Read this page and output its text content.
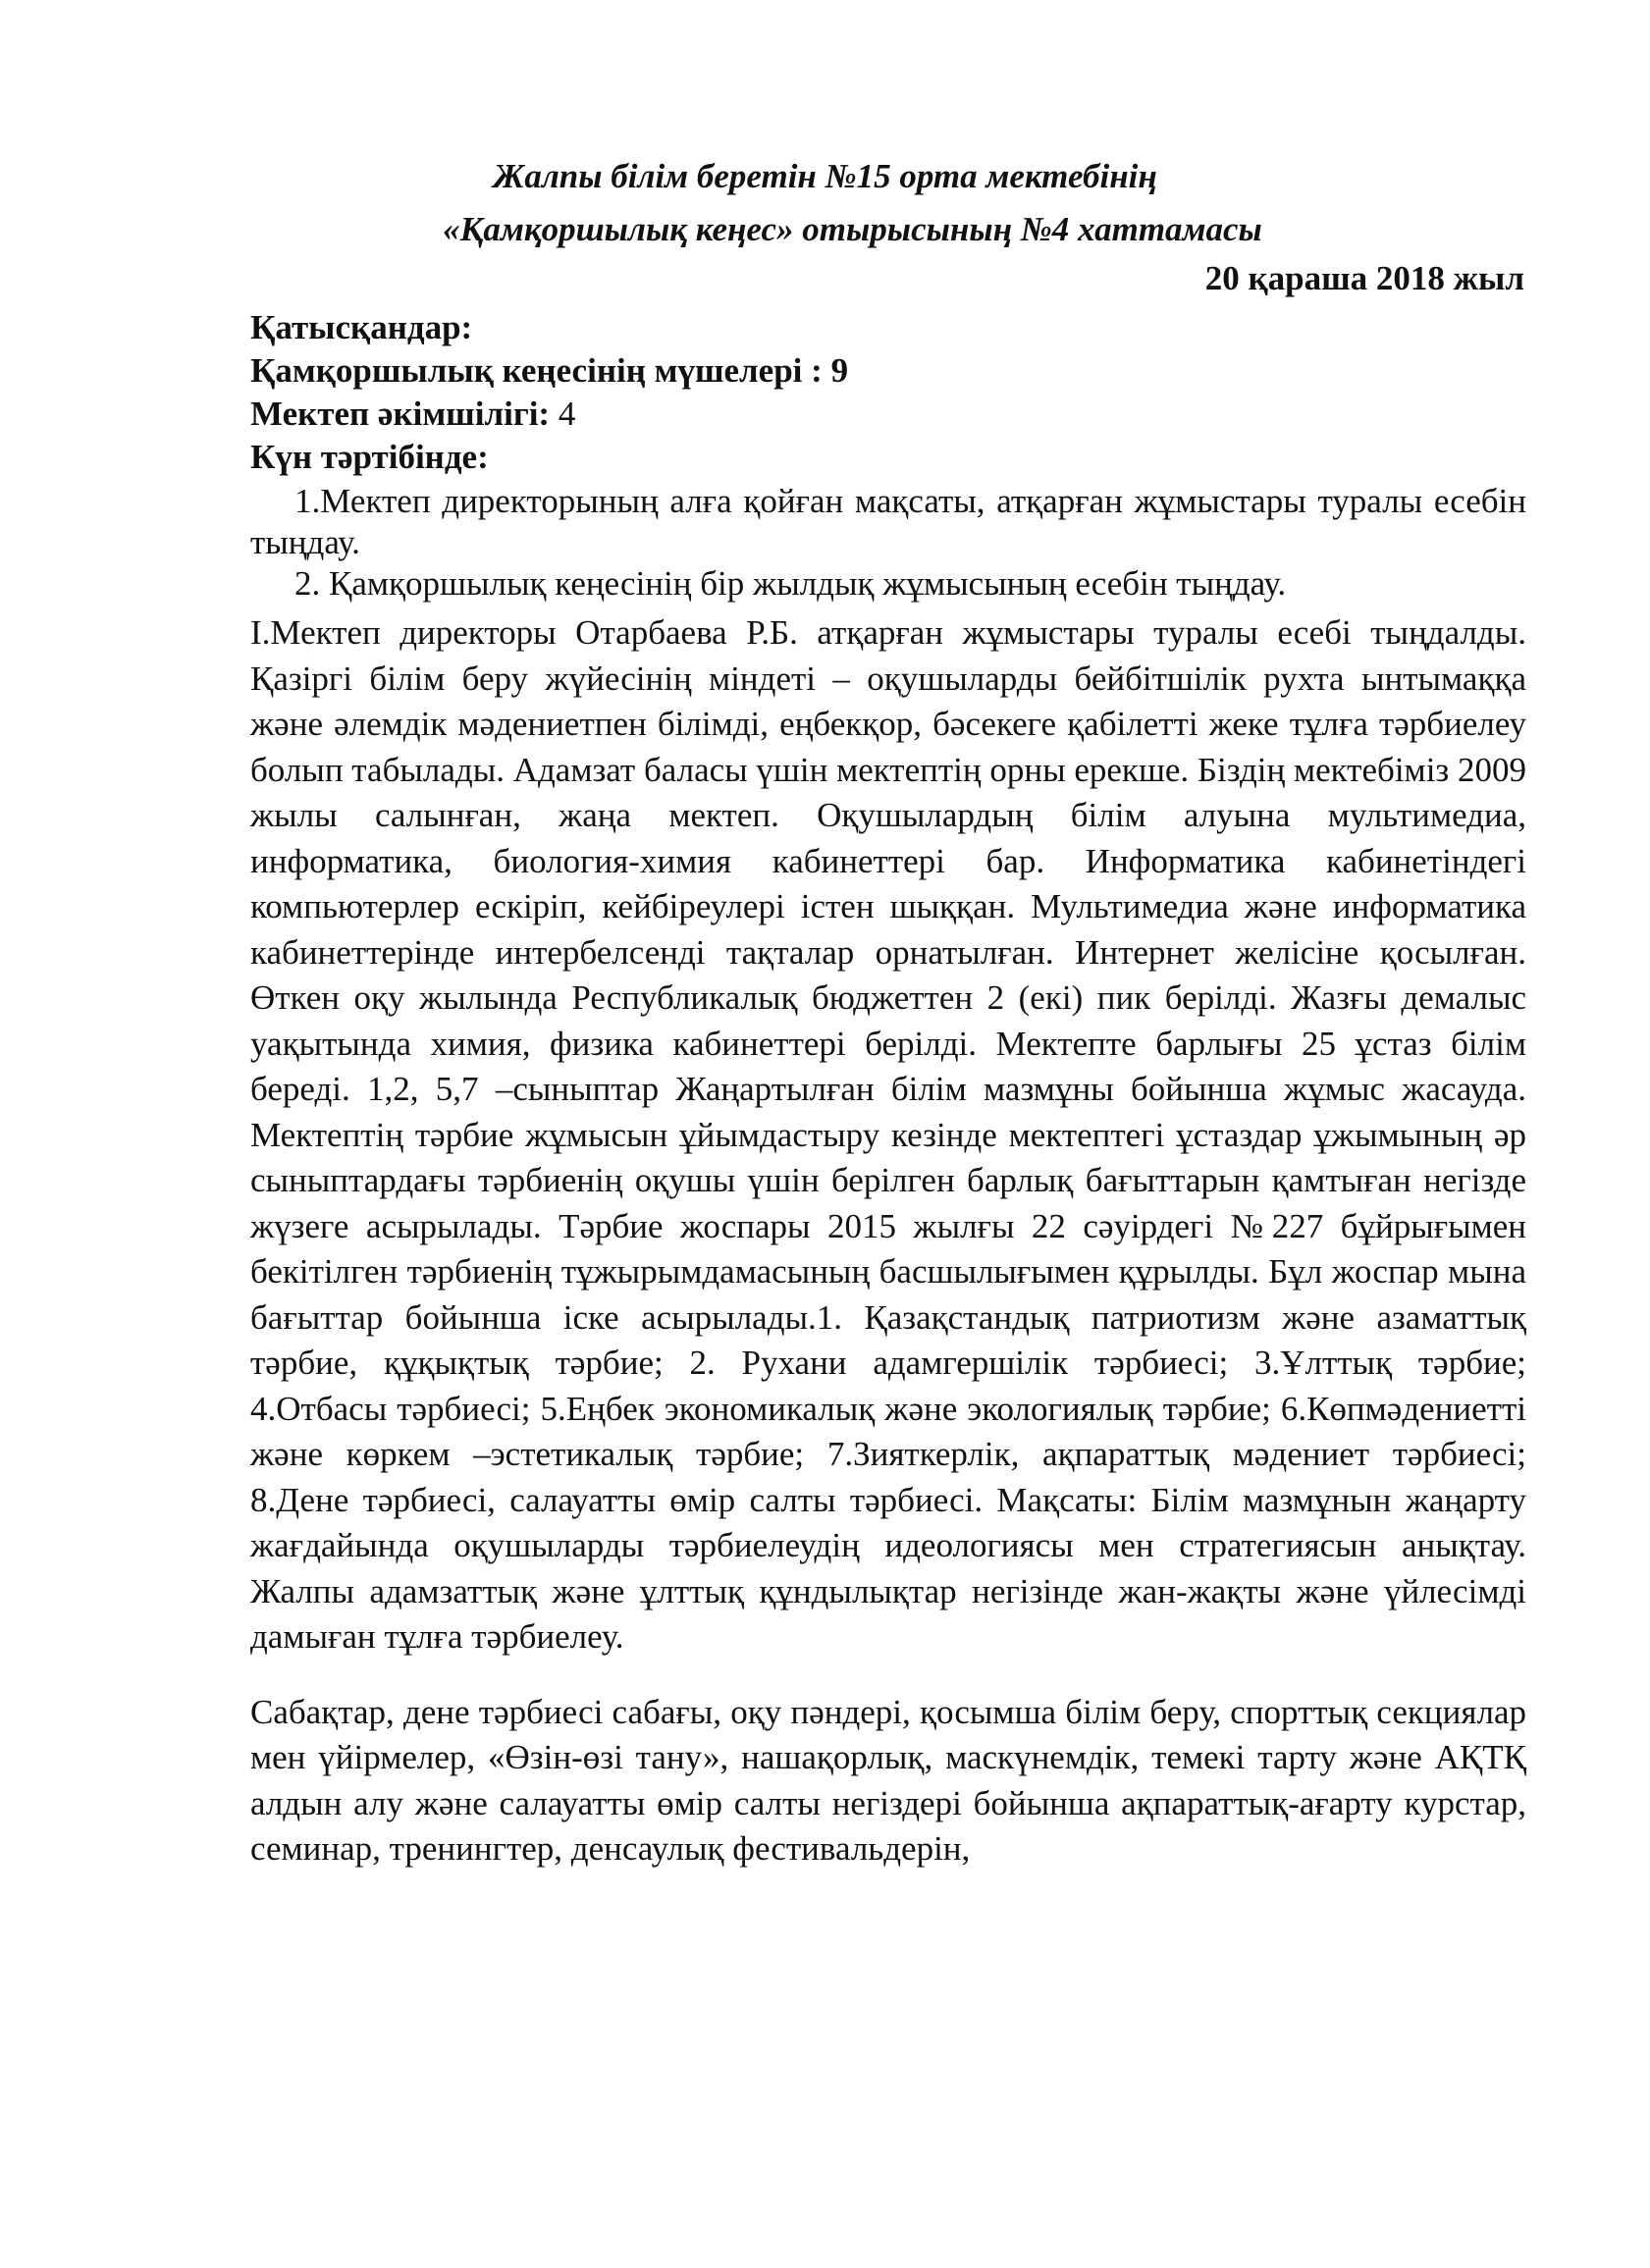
Жалпы білім беретін №15 орта мектебінің
«Қамқоршылық кеңес» отырысының №4 хаттамасы
20 қараша 2018 жыл
Қатысқандар:
Қамқоршылық кеңесінің мүшелері : 9
Мектеп әкімшілігі: 4
Күн тәртібінде:

1.Мектеп директорының алға қойған мақсаты, атқарған жұмыстары туралы есебін тыңдау.

2. Қамқоршылық кеңесінің бір жылдық жұмысының есебін тыңдау.

I.Мектеп директоры Отарбаева Р.Б. атқарған жұмыстары туралы есебі тыңдалды. Қазіргі білім беру жүйесінің міндеті – оқушыларды бейбітшілік рухта ынтымаққа және әлемдік мәдениетпен білімді, еңбекқор, бәсекеге қабілетті жеке тұлға тәрбиелеу болып табылады. Адамзат баласы үшін мектептің орны ерекше. Біздің мектебіміз 2009 жылы салынған, жаңа мектеп. Оқушылардың білім алуына мультимедиа, информатика, биология-химия кабинеттері бар. Информатика кабинетіндегі компьютерлер ескіріп, кейбіреулері істен шыққан. Мультимедиа және информатика кабинеттерінде интербелсенді тақталар орнатылған. Интернет желісіне қосылған. Өткен оқу жылында Республикалық бюджеттен 2 (екі) пик берілді. Жазғы демалыс уақытында химия, физика кабинеттері берілді. Мектепте барлығы 25 ұстаз білім береді. 1,2, 5,7 –сыныптар Жаңартылған білім мазмұны бойынша жұмыс жасауда. Мектептің тәрбие жұмысын ұйымдастыру кезінде мектептегі ұстаздар ұжымының әр сыныптардағы тәрбиенің оқушы үшін берілген барлық бағыттарын қамтыған негізде жүзеге асырылады. Тәрбие жоспары 2015 жылғы 22 сәуірдегі №227 бұйрығымен бекітілген тәрбиенің тұжырымдамасының басшылығымен құрылды. Бұл жоспар мына бағыттар бойынша іске асырылады.1. Қазақстандық патриотизм және азаматтық тәрбие, құқықтық тәрбие; 2. Рухани адамгершілік тәрбиесі; 3.Ұлттық тәрбие; 4.Отбасы тәрбиесі; 5.Еңбек экономикалық және экологиялық тәрбие; 6.Көпмәдениетті және көркем –эстетикалық тәрбие; 7.Зияткерлік, ақпараттық мәдениет тәрбиесі; 8.Дене тәрбиесі, салауатты өмір салты тәрбиесі. Мақсаты: Білім мазмұнын жаңарту жағдайында оқушыларды тәрбиелеудің идеологиясы мен стратегиясын анықтау. Жалпы адамзаттық және ұлттық құндылықтар негізінде жан-жақты және үйлесімді дамыған тұлға тәрбиелеу.

Сабақтар, дене тәрбиесі сабағы, оқу пәндері, қосымша білім беру, спорттық секциялар мен үйірмелер, «Өзін-өзі тану», нашақорлық, маскүнемдік, темекі тарту және АҚТҚ алдын алу және салауатты өмір салты негіздері бойынша ақпараттық-ағарту курстар, семинар, тренингтер, денсаулық фестивальдерін,
